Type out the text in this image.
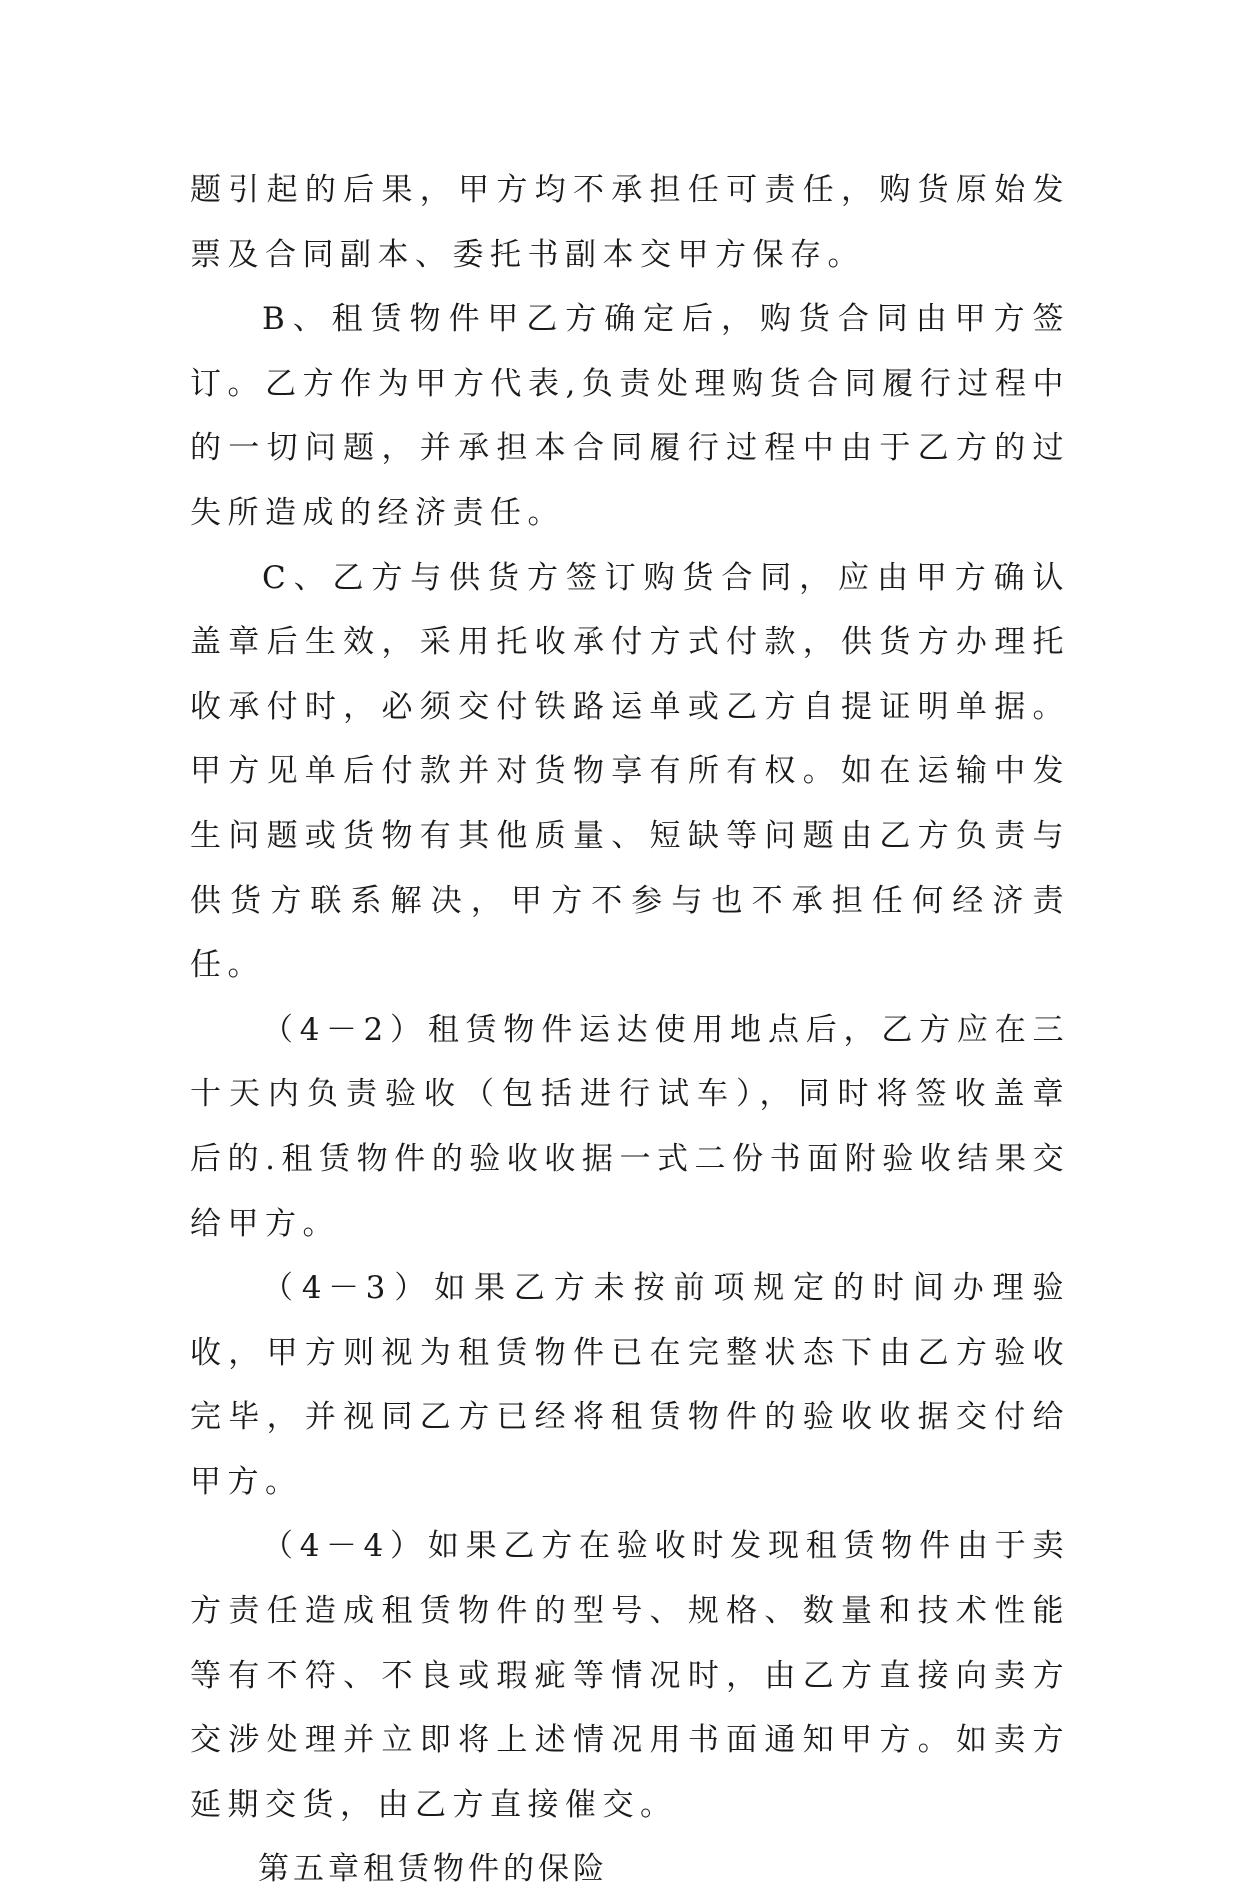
题引起的后果，甲方均不承担任可责任，购货原始发票及合同副本、委托书副本交甲方保存。

B、租赁物件甲乙方确定后，购货合同由甲方签订。乙方作为甲方代表,负责处理购货合同履行过程中的一切问题，并承担本合同履行过程中由于乙方的过失所造成的经济责任。

C、乙方与供货方签订购货合同，应由甲方确认盖章后生效，采用托收承付方式付款，供货方办理托收承付时，必须交付铁路运单或乙方自提证明单据。甲方见单后付款并对货物享有所有权。如在运输中发生问题或货物有其他质量、短缺等问题由乙方负责与供货方联系解决，甲方不参与也不承担任何经济责任。

（4－2）租赁物件运达使用地点后，乙方应在三十天内负责验收（包括进行试车），同时将签收盖章后的.租赁物件的验收收据一式二份书面附验收结果交给甲方。

（4－3）如果乙方未按前项规定的时间办理验收，甲方则视为租赁物件已在完整状态下由乙方验收完毕，并视同乙方已经将租赁物件的验收收据交付给甲方。

（4－4）如果乙方在验收时发现租赁物件由于卖方责任造成租赁物件的型号、规格、数量和技术性能等有不符、不良或瑕疵等情况时，由乙方直接向卖方交涉处理并立即将上述情况用书面通知甲方。如卖方延期交货，由乙方直接催交。

第五章租赁物件的保险
